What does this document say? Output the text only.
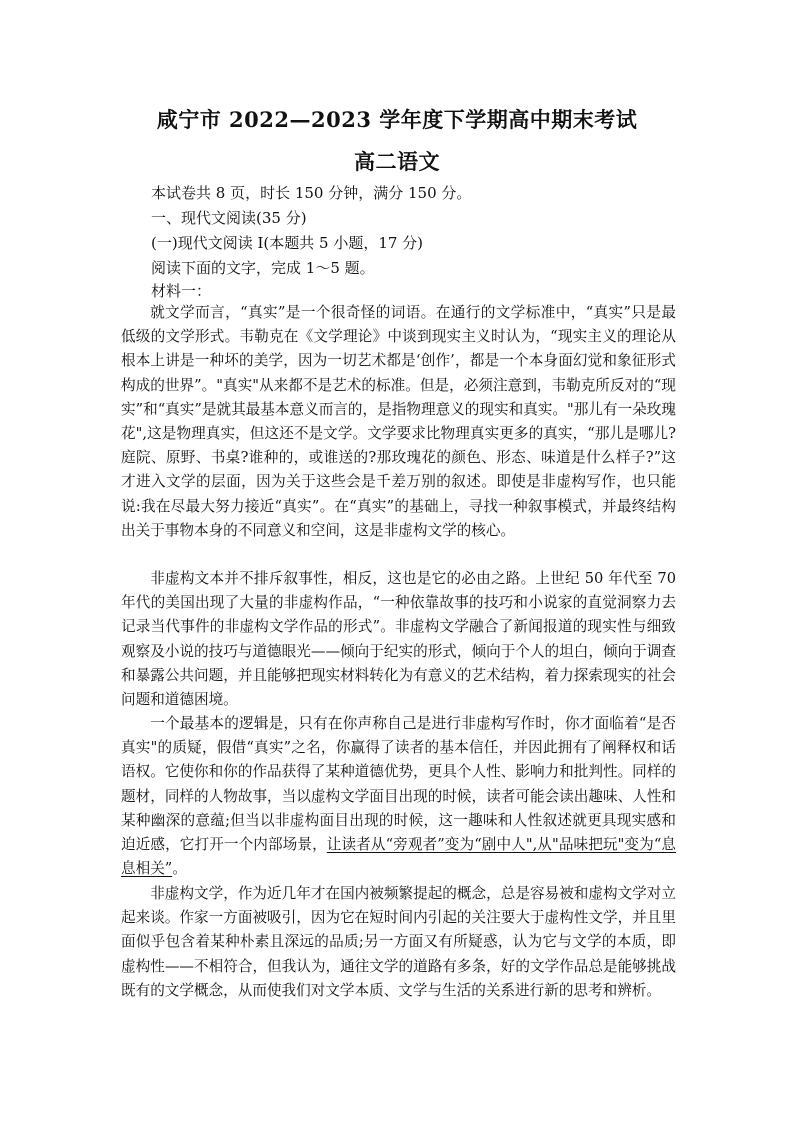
咸宁市 2022—2023 学年度下学期高中期末考试
高二语文
本试卷共 8 页，时长 150 分钟，满分 150 分。
一、现代文阅读(35 分)
(一)现代文阅读 I(本题共 5 小题，17 分)
阅读下面的文字，完成 1～5 题。
材料一：

就文学而言，“真实”是一个很奇怪的词语。在通行的文学标准中，“真实”只是最低级的文学形式。韦勒克在《文学理论》中谈到现实主义时认为，“现实主义的理论从根本上讲是一种坏的美学，因为一切艺术都是‘创作’，都是一个本身面幻觉和象征形式构成的世界”。"真实"从来都不是艺术的标准。但是，必须注意到，韦勒克所反对的“现实”和“真实”是就其最基本意义而言的，是指物理意义的现实和真实。"那儿有一朵玫瑰花",这是物理真实，但这还不是文学。文学要求比物理真实更多的真实，“那儿是哪儿?庭院、原野、书桌?谁种的，或谁送的?那玫瑰花的颜色、形态、味道是什么样子?”这才进入文学的层面，因为关于这些会是千差万别的叙述。即使是非虚构写作，也只能说:我在尽最大努力接近“真实”。在“真实”的基础上，寻找一种叙事模式，并最终结构出关于事物本身的不同意义和空间，这是非虚构文学的核心。

非虚构文本并不排斥叙事性，相反，这也是它的必由之路。上世纪 50 年代至 70 年代的美国出现了大量的非虚构作品，“一种依靠故事的技巧和小说家的直觉洞察力去记录当代事件的非虚构文学作品的形式”。非虚构文学融合了新闻报道的现实性与细致观察及小说的技巧与道德眼光——倾向于纪实的形式，倾向于个人的坦白，倾向于调查和暴露公共问题，并且能够把现实材料转化为有意义的艺术结构，着力探索现实的社会问题和道德困境。

一个最基本的逻辑是，只有在你声称自己是进行非虚构写作时，你才面临着“是否真实"的质疑，假借“真实”之名，你赢得了读者的基本信任，并因此拥有了阐释权和话语权。它使你和你的作品获得了某种道德优势，更具个人性、影响力和批判性。同样的题材，同样的人物故事，当以虚构文学面目出现的时候，读者可能会读出趣味、人性和某种幽深的意蕴;但当以非虚构面目出现的时候，这一趣味和人性叙述就更具现实感和迫近感，它打开一个内部场景，让读者从“旁观者”变为“剧中人",从"品味把玩"变为“息息相关”。

非虚构文学，作为近几年才在国内被频繁提起的概念，总是容易被和虚构文学对立起来谈。作家一方面被吸引，因为它在短时间内引起的关注要大于虚构性文学，并且里面似乎包含着某种朴素且深远的品质;另一方面又有所疑惑，认为它与文学的本质，即虚构性——不相符合，但我认为，通往文学的道路有多条，好的文学作品总是能够挑战既有的文学概念，从而使我们对文学本质、文学与生活的关系进行新的思考和辨析。
